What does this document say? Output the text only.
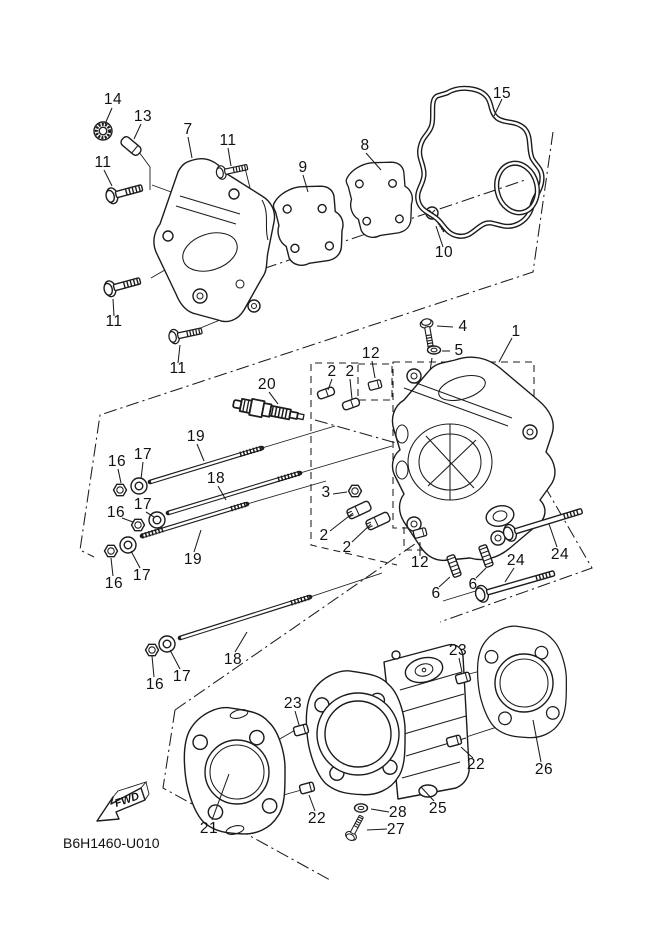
FWD
B6H1460-U010
14
13
7
11
15
11	9
8
10
11
11
4	1
5
12
2 2
20
19
17
16
18
3
17
16
2
2
12
19	24
24
17
16
6
6
16 17
18
23
23
22
22
26
25
28
27
21
